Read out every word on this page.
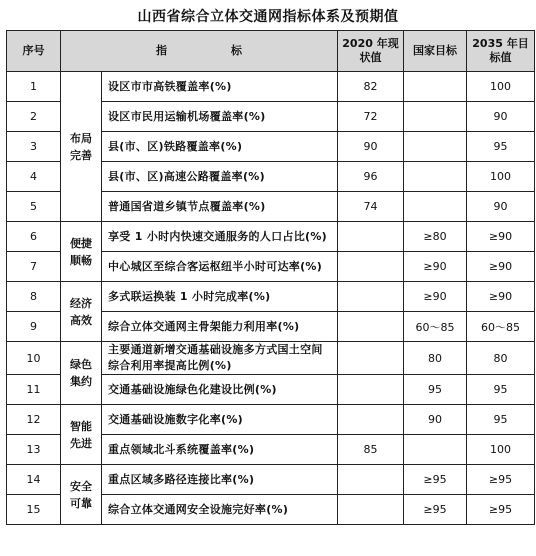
山西省综合立体交通网指标体系及预期值
序号	指 标		2020 年现状值	国家目标	2035 年目标值
1	布局完善	设区市市高铁覆盖率(%)	82		100
2		设区市民用运输机场覆盖率(%)	72		90
3		县(市、区)铁路覆盖率(%)	90		95
4		县(市、区)高速公路覆盖率(%)	96		100
5		普通国省道乡镇节点覆盖率(%)	74		90
6	便捷顺畅	享受 1 小时内快速交通服务的人口占比(%)		≥80	≥90
7		中心城区至综合客运枢纽半小时可达率(%)		≥90	≥90
8	经济高效	多式联运换装 1 小时完成率(%)		≥90	≥90
9		综合立体交通网主骨架能力利用率(%)		60～85	60～85
10	绿色集约	主要通道新增交通基础设施多方式国土空间综合利用率提高比例(%)		80	80
11		交通基础设施绿色化建设比例(%)		95	95
12	智能先进	交通基础设施数字化率(%)		90	95
13		重点领域北斗系统覆盖率(%)	85		100
14	安全可靠	重点区域多路径连接比率(%)		≥95	≥95
15		综合立体交通网安全设施完好率(%)		≥95	≥95
